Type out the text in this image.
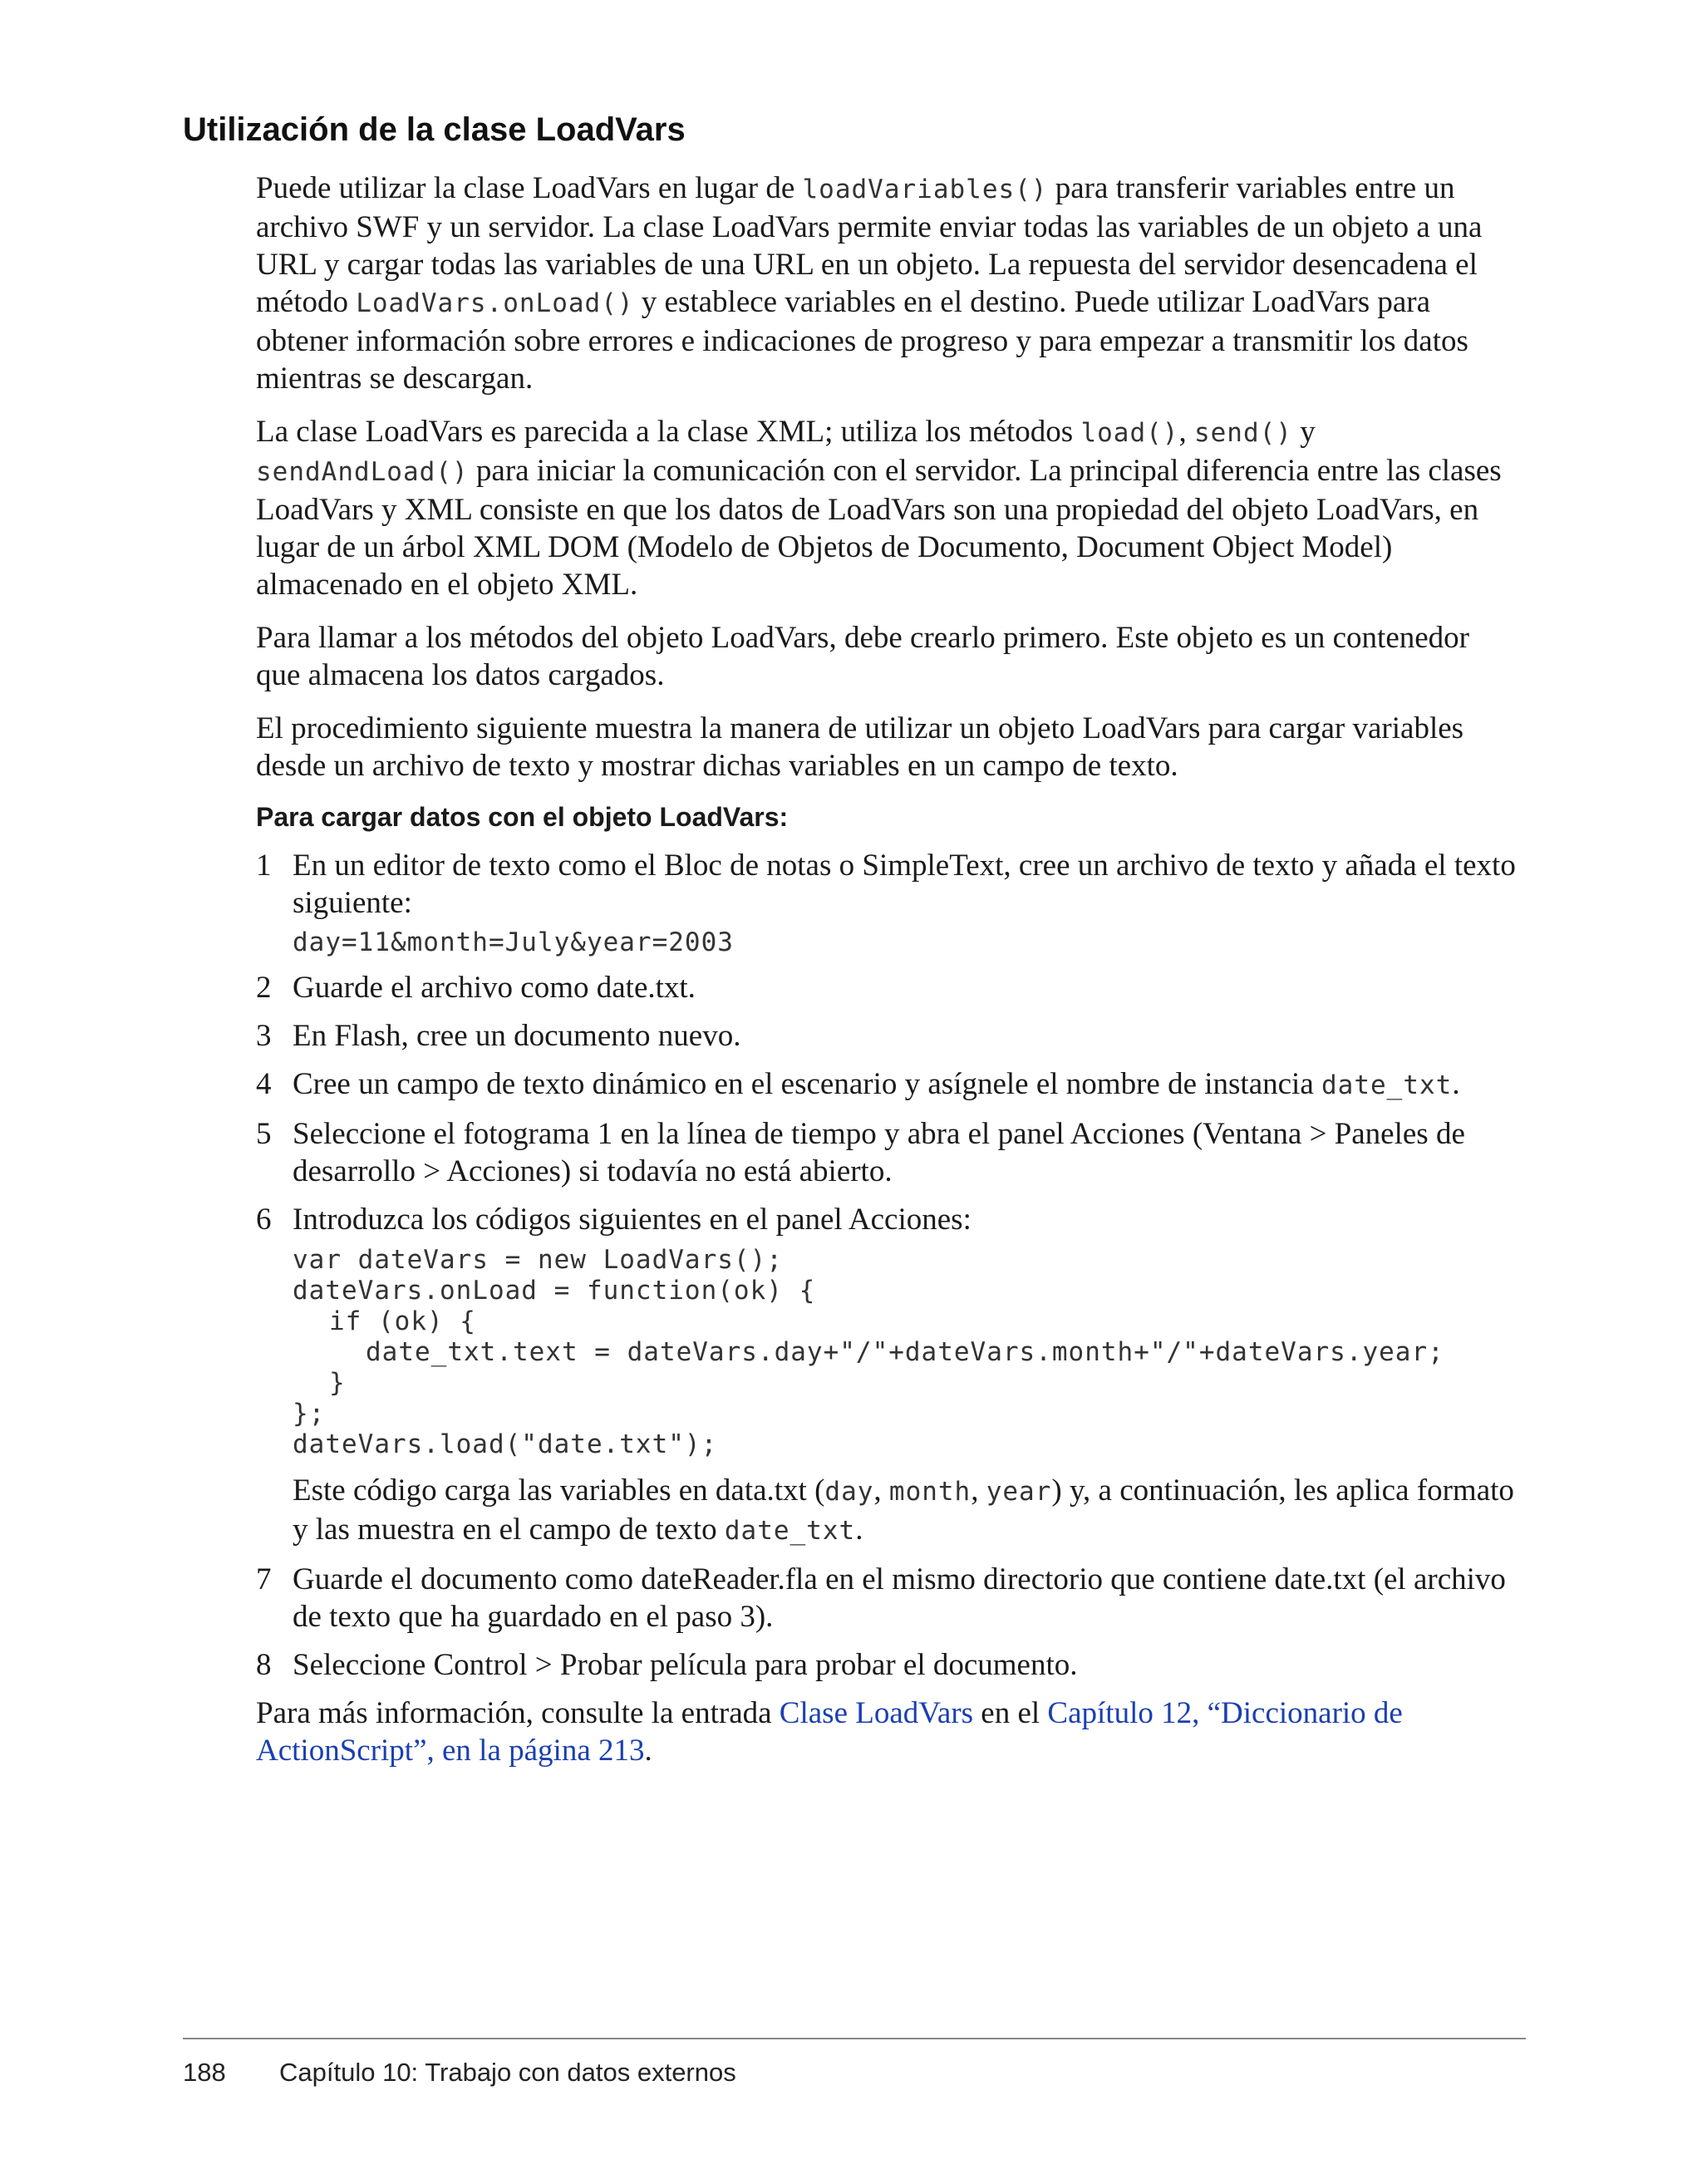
Utilización de la clase LoadVars

Puede utilizar la clase LoadVars en lugar de loadVariables() para transferir variables entre un archivo SWF y un servidor. La clase LoadVars permite enviar todas las variables de un objeto a una URL y cargar todas las variables de una URL en un objeto. La repuesta del servidor desencadena el método LoadVars.onLoad() y establece variables en el destino. Puede utilizar LoadVars para obtener información sobre errores e indicaciones de progreso y para empezar a transmitir los datos mientras se descargan.

La clase LoadVars es parecida a la clase XML; utiliza los métodos load(), send() y sendAndLoad() para iniciar la comunicación con el servidor. La principal diferencia entre las clases LoadVars y XML consiste en que los datos de LoadVars son una propiedad del objeto LoadVars, en lugar de un árbol XML DOM (Modelo de Objetos de Documento, Document Object Model) almacenado en el objeto XML.

Para llamar a los métodos del objeto LoadVars, debe crearlo primero. Este objeto es un contenedor que almacena los datos cargados.

El procedimiento siguiente muestra la manera de utilizar un objeto LoadVars para cargar variables desde un archivo de texto y mostrar dichas variables en un campo de texto.

Para cargar datos con el objeto LoadVars:
1 En un editor de texto como el Bloc de notas o SimpleText, cree un archivo de texto y añada el texto siguiente:
day=11&month=July&year=2003
2 Guarde el archivo como date.txt.
3 En Flash, cree un documento nuevo.
4 Cree un campo de texto dinámico en el escenario y asígnele el nombre de instancia date_txt.
5 Seleccione el fotograma 1 en la línea de tiempo y abra el panel Acciones (Ventana > Paneles de desarrollo > Acciones) si todavía no está abierto.
6 Introduzca los códigos siguientes en el panel Acciones:
var dateVars = new LoadVars();
dateVars.onLoad = function(ok) {
if (ok) {
date_txt.text = dateVars.day+"/"+dateVars.month+"/"+dateVars.year;
}
};
dateVars.load("date.txt");
Este código carga las variables en data.txt (day, month, year) y, a continuación, les aplica formato y las muestra en el campo de texto date_txt.
7 Guarde el documento como dateReader.fla en el mismo directorio que contiene date.txt (el archivo de texto que ha guardado en el paso 3).
8 Seleccione Control > Probar película para probar el documento.

Para más información, consulte la entrada Clase LoadVars en el Capítulo 12, “Diccionario de ActionScript”, en la página 213.

188 Capítulo 10: Trabajo con datos externos
